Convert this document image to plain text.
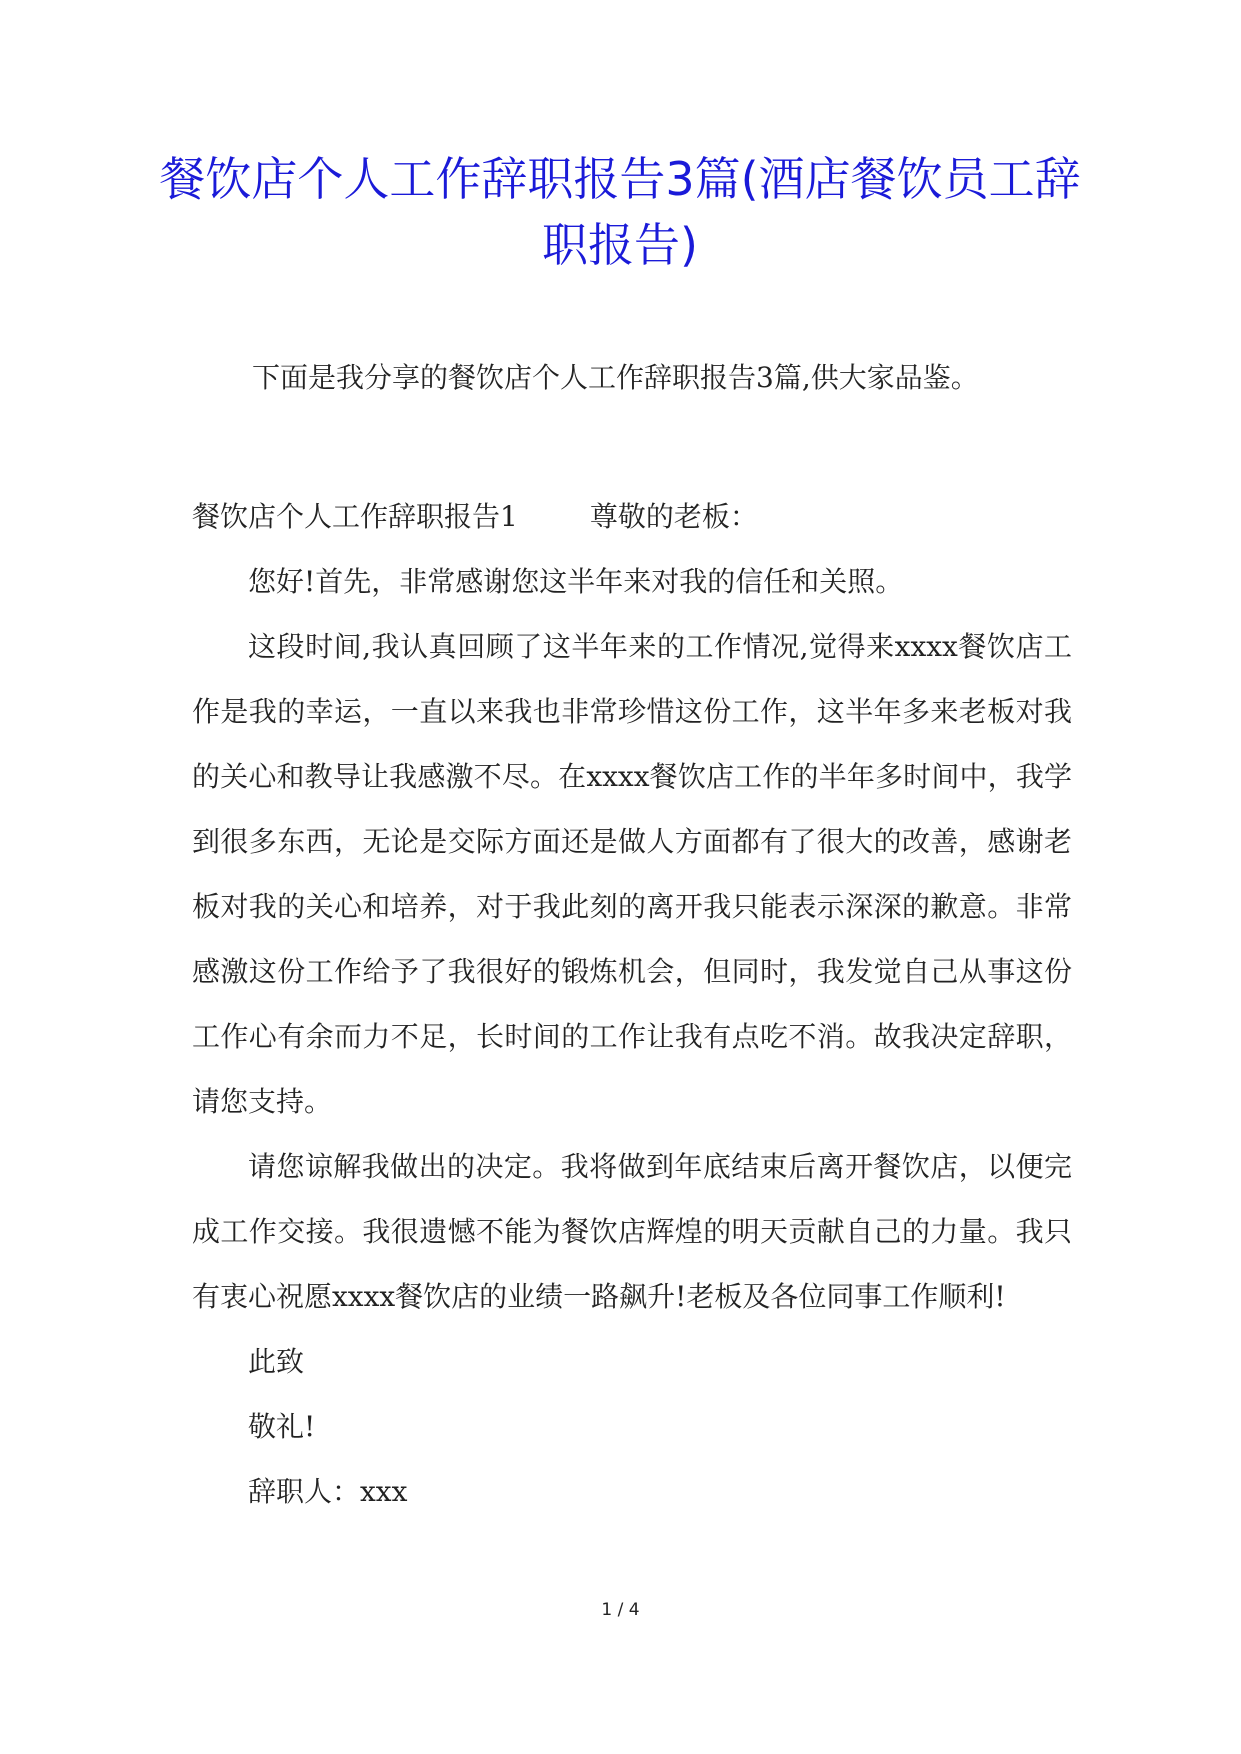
餐饮店个人工作辞职报告3篇(酒店餐饮员工辞职报告)

下面是我分享的餐饮店个人工作辞职报告3篇,供大家品鉴。

餐饮店个人工作辞职报告1	尊敬的老板：

您好!首先，非常感谢您这半年来对我的信任和关照。

这段时间,我认真回顾了这半年来的工作情况,觉得来xxxx餐饮店工作是我的幸运，一直以来我也非常珍惜这份工作，这半年多来老板对我的关心和教导让我感激不尽。在xxxx餐饮店工作的半年多时间中，我学到很多东西，无论是交际方面还是做人方面都有了很大的改善，感谢老板对我的关心和培养，对于我此刻的离开我只能表示深深的歉意。非常感激这份工作给予了我很好的锻炼机会，但同时，我发觉自己从事这份工作心有余而力不足，长时间的工作让我有点吃不消。故我决定辞职，请您支持。

请您谅解我做出的决定。我将做到年底结束后离开餐饮店，以便完成工作交接。我很遗憾不能为餐饮店辉煌的明天贡献自己的力量。我只有衷心祝愿xxxx餐饮店的业绩一路飙升!老板及各位同事工作顺利!

此致

敬礼!

辞职人：xxx

1 / 4
